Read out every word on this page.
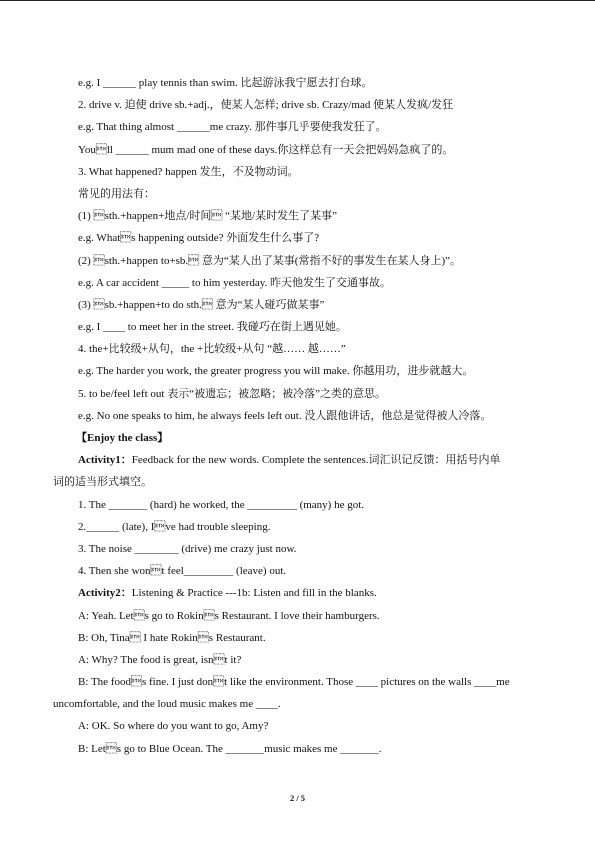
e.g. I ______ play tennis than swim. 比起游泳我宁愿去打台球。
2. drive v. 迫使 drive sb.+adj.，使某人怎样; drive sb. Crazy/mad 使某人发疯/发狂
e.g. That thing almost ______me crazy. 那件事几乎要使我发狂了。
Youll ______ mum mad one of these days.你这样总有一天会把妈妈急疯了的。
3. What happened? happen 发生，不及物动词。
常见的用法有：
(1) sth.+happen+地点/时间 “某地/某时发生了某事”
e.g. Whats happening outside? 外面发生什么事了?
(2) sth.+happen to+sb. 意为“某人出了某事(常指不好的事发生在某人身上)”。
e.g. A car accident _____ to him yesterday. 昨天他发生了交通事故。
(3) sb.+happen+to do sth. 意为“某人碰巧做某事”
e.g. I ____ to meet her in the street. 我碰巧在街上遇见她。
4. the+比较级+从句，the +比较级+从句 “越…… 越……”
e.g. The harder you work, the greater progress you will make. 你越用功，进步就越大。
5. to be/feel left out 表示“被遗忘；被忽略；被冷落”之类的意思。
e.g. No one speaks to him, he always feels left out. 没人跟他讲话，他总是觉得被人冷落。
【Enjoy the class】
Activity1：Feedback for the new words. Complete the sentences.词汇识记反馈：用括号内单
词的适当形式填空。
1. The _______ (hard) he worked, the _________ (many) he got.
2.______ (late), Ive had trouble sleeping.
3. The noise ________ (drive) me crazy just now.
4. Then she wont feel_________ (leave) out.
Activity2：Listening & Practice ---1b: Listen and fill in the blanks.
A: Yeah. Lets go to Rokins Restaurant. I love their hamburgers.
B: Oh, Tina I hate Rokins Restaurant.
A: Why? The food is great, isnt it?
B: The foods fine. I just dont like the environment. Those ____ pictures on the walls ____me
uncomfortable, and the loud music makes me ____.
A: OK. So where do you want to go, Amy?
B: Lets go to Blue Ocean. The _______music makes me _______.
2 / 5
